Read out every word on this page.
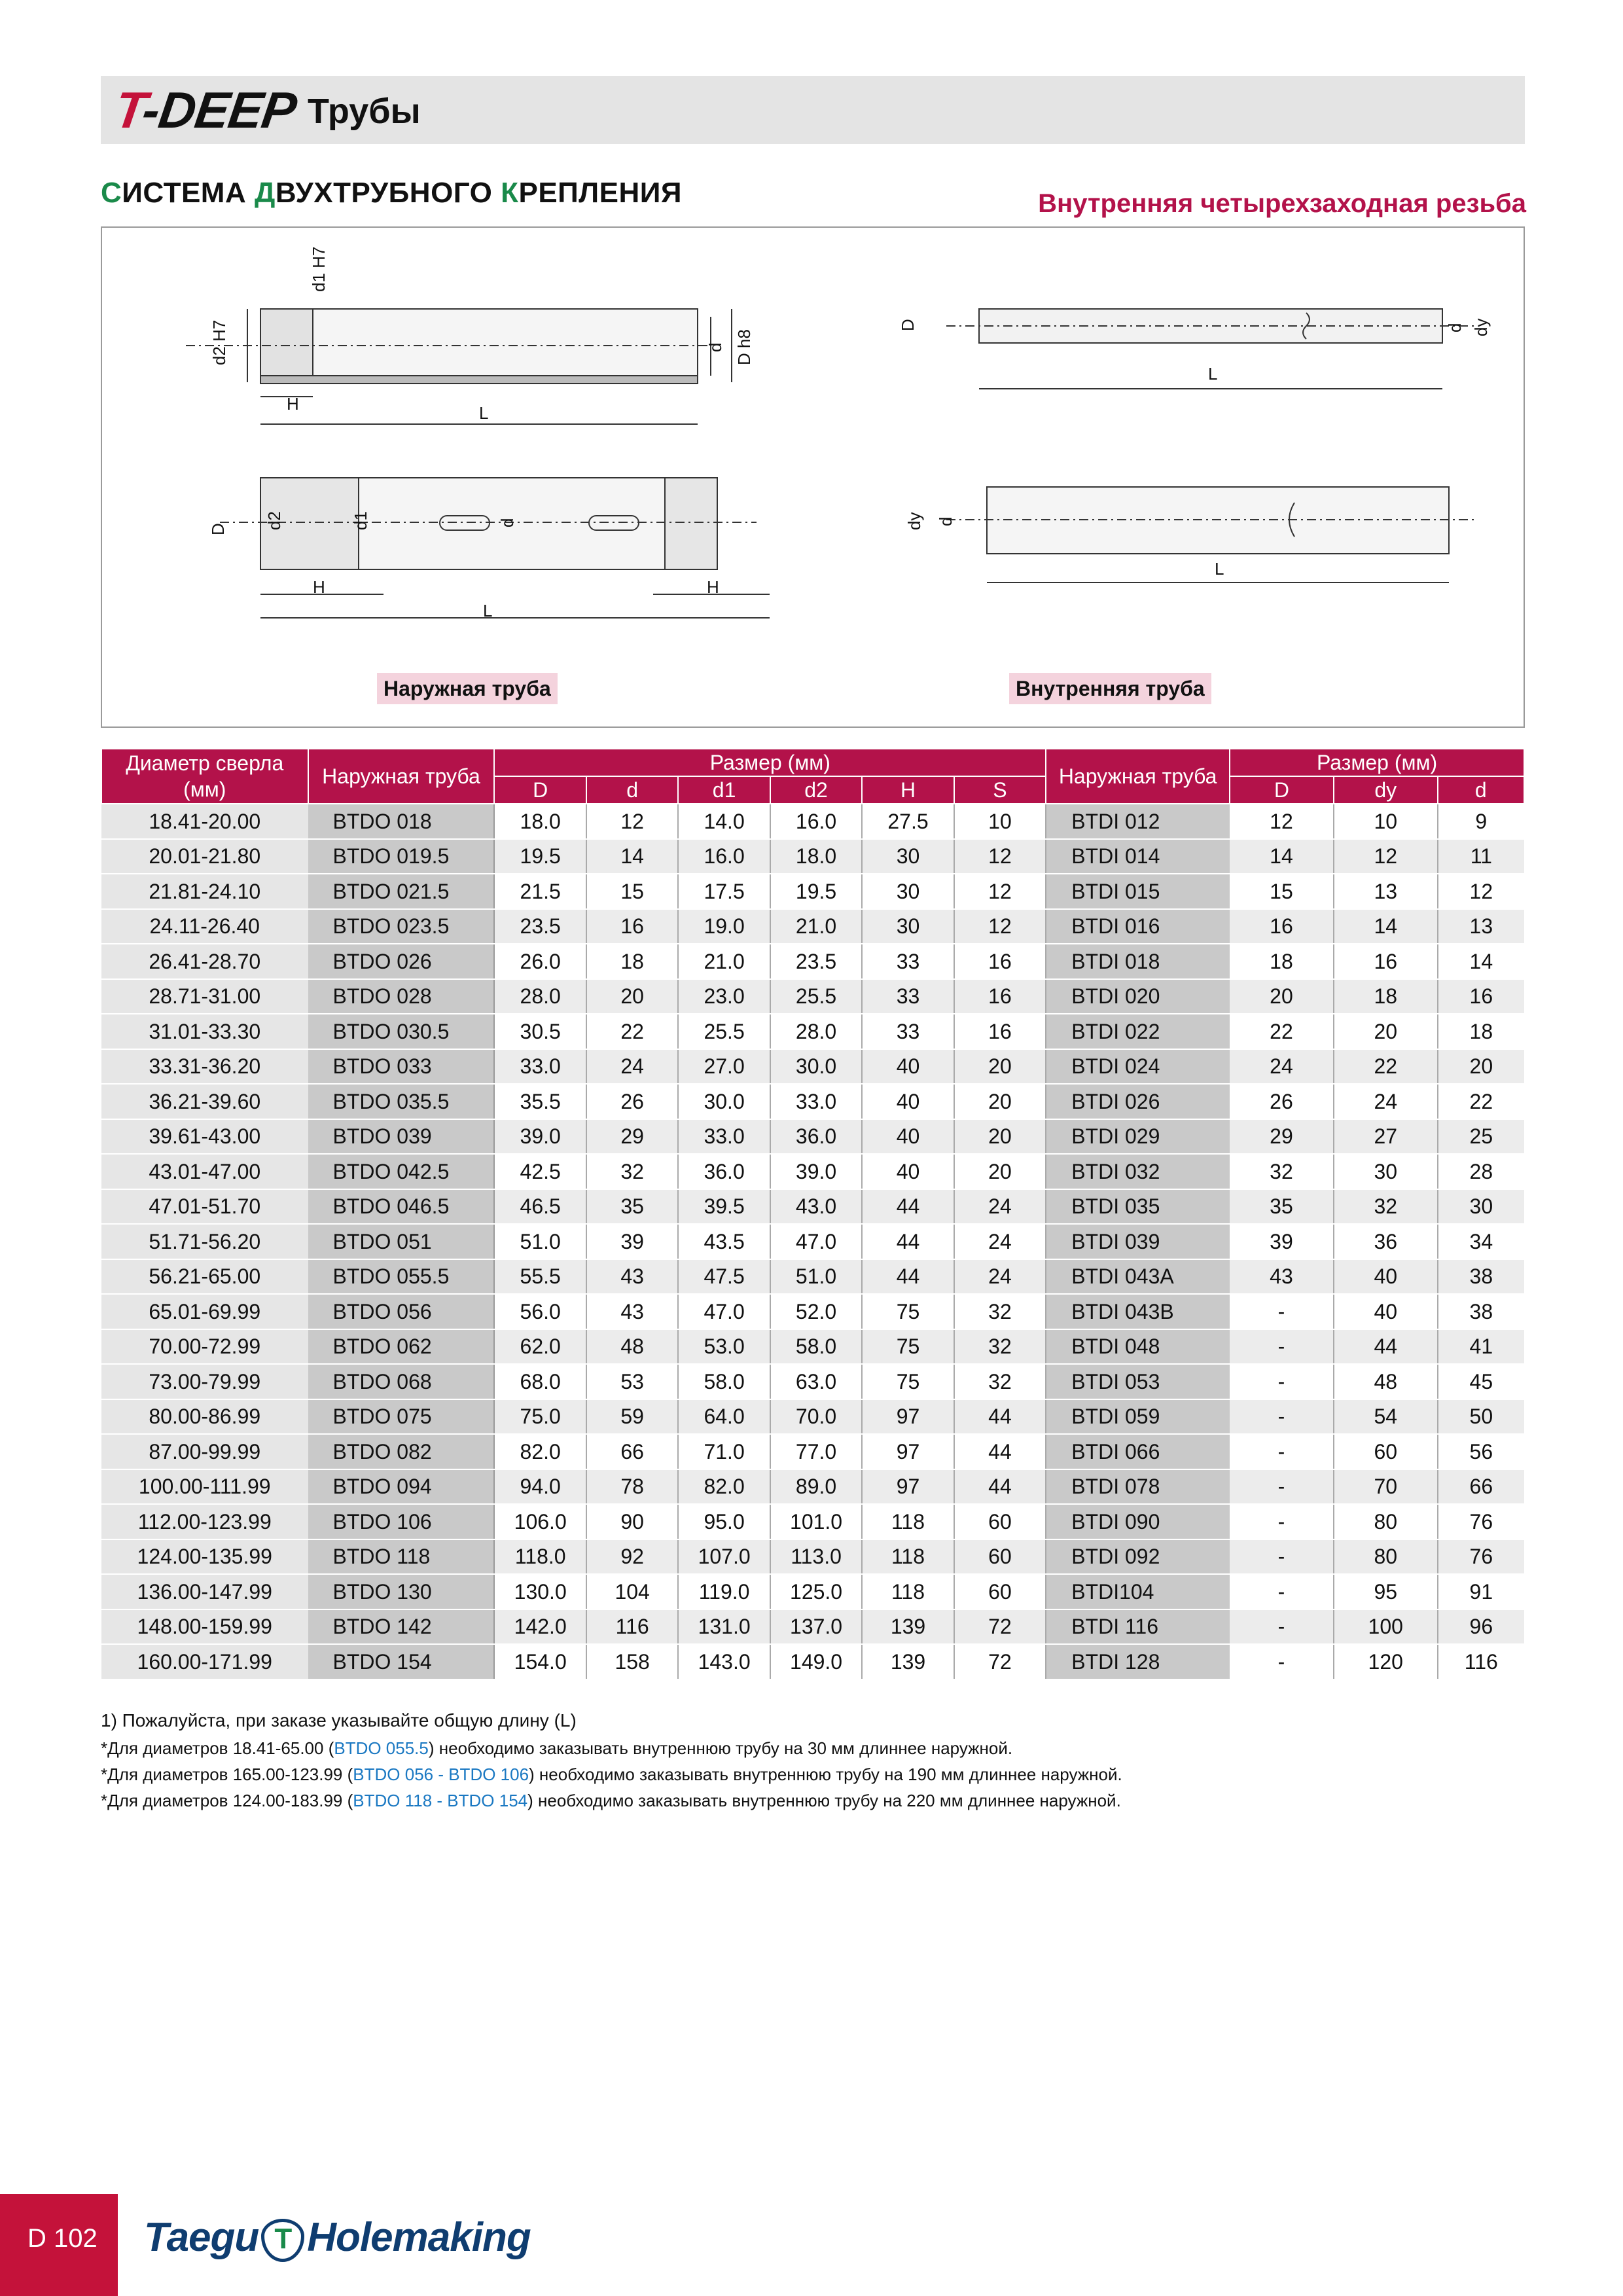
T-DEEP Трубы
СИСТЕМА ДВУХТРУБНОГО КРЕПЛЕНИЯ	Внутренняя четырехзаходная резьба
d1 H7
d2 H7	d D h8
H	L
D d2	d1	d
H	H
L
D	d dy
L
dy d
L
Наружная труба	Внутренняя труба
Диаметр сверла (мм)	Наружная труба	Размер (мм)						Наружная труба	Размер (мм)		
		D	d	d1	d2	H	S		D	dy	d
18.41-20.00	BTDO 018	18.0	12	14.0	16.0	27.5	10	BTDI 012	12	10	9
20.01-21.80	BTDO 019.5	19.5	14	16.0	18.0	30	12	BTDI 014	14	12	11
21.81-24.10	BTDO 021.5	21.5	15	17.5	19.5	30	12	BTDI 015	15	13	12
24.11-26.40	BTDO 023.5	23.5	16	19.0	21.0	30	12	BTDI 016	16	14	13
26.41-28.70	BTDO 026	26.0	18	21.0	23.5	33	16	BTDI 018	18	16	14
28.71-31.00	BTDO 028	28.0	20	23.0	25.5	33	16	BTDI 020	20	18	16
31.01-33.30	BTDO 030.5	30.5	22	25.5	28.0	33	16	BTDI 022	22	20	18
33.31-36.20	BTDO 033	33.0	24	27.0	30.0	40	20	BTDI 024	24	22	20
36.21-39.60	BTDO 035.5	35.5	26	30.0	33.0	40	20	BTDI 026	26	24	22
39.61-43.00	BTDO 039	39.0	29	33.0	36.0	40	20	BTDI 029	29	27	25
43.01-47.00	BTDO 042.5	42.5	32	36.0	39.0	40	20	BTDI 032	32	30	28
47.01-51.70	BTDO 046.5	46.5	35	39.5	43.0	44	24	BTDI 035	35	32	30
51.71-56.20	BTDO 051	51.0	39	43.5	47.0	44	24	BTDI 039	39	36	34
56.21-65.00	BTDO 055.5	55.5	43	47.5	51.0	44	24	BTDI 043A	43	40	38
65.01-69.99	BTDO 056	56.0	43	47.0	52.0	75	32	BTDI 043B	-	40	38
70.00-72.99	BTDO 062	62.0	48	53.0	58.0	75	32	BTDI 048	-	44	41
73.00-79.99	BTDO 068	68.0	53	58.0	63.0	75	32	BTDI 053	-	48	45
80.00-86.99	BTDO 075	75.0	59	64.0	70.0	97	44	BTDI 059	-	54	50
87.00-99.99	BTDO 082	82.0	66	71.0	77.0	97	44	BTDI 066	-	60	56
100.00-111.99	BTDO 094	94.0	78	82.0	89.0	97	44	BTDI 078	-	70	66
112.00-123.99	BTDO 106	106.0	90	95.0	101.0	118	60	BTDI 090	-	80	76
124.00-135.99	BTDO 118	118.0	92	107.0	113.0	118	60	BTDI 092	-	80	76
136.00-147.99	BTDO 130	130.0	104	119.0	125.0	118	60	BTDI104	-	95	91
148.00-159.99	BTDO 142	142.0	116	131.0	137.0	139	72	BTDI 116	-	100	96
160.00-171.99	BTDO 154	154.0	158	143.0	149.0	139	72	BTDI 128	-	120	116
1) Пожалуйста, при заказе указывайте общую длину (L)
*Для диаметров 18.41-65.00 (BTDO 055.5) необходимо заказывать внутреннюю трубу на 30 мм длиннее наружной.
*Для диаметров 165.00-123.99 (BTDO 056 - BTDO 106) необходимо заказывать внутреннюю трубу на 190 мм длиннее наружной.
*Для диаметров 124.00-183.99 (BTDO 118 - BTDO 154) необходимо заказывать внутреннюю трубу на 220 мм длиннее наружной.
D 102 Taegu T Holemaking
